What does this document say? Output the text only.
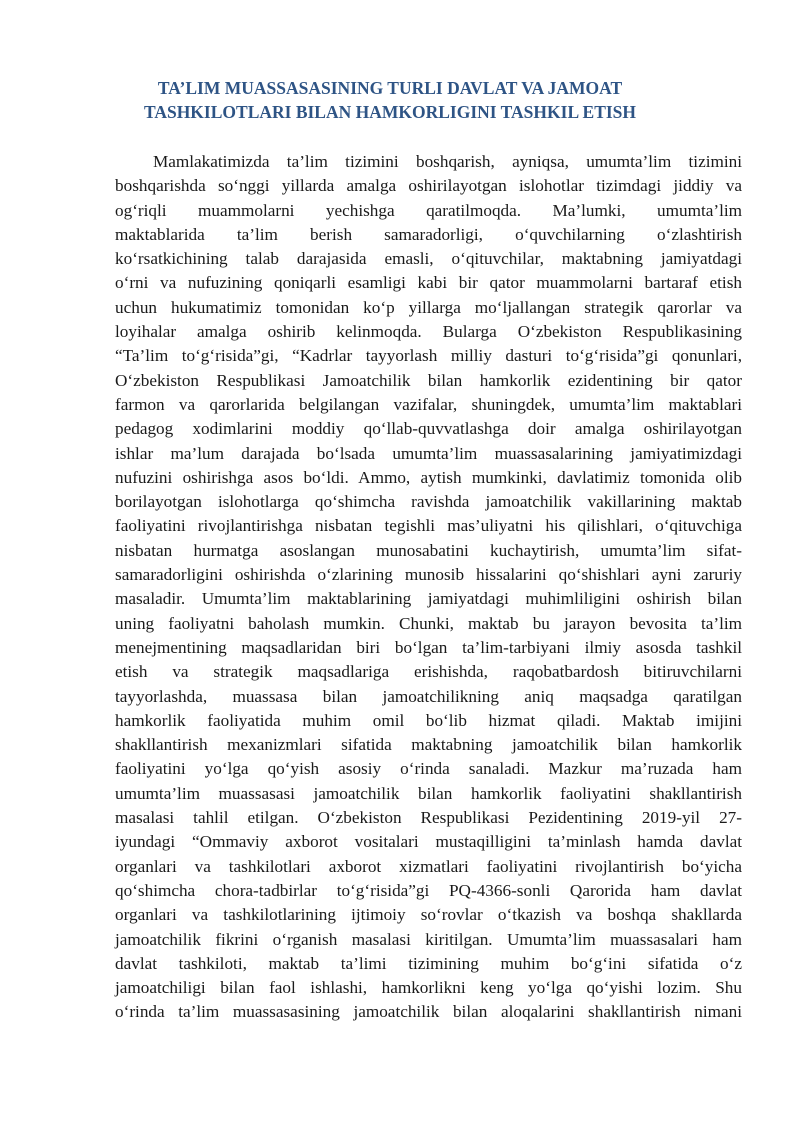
TA’LIM MUASSASASINING TURLI DAVLAT VA JAMOAT
TASHKILOTLARI BILAN HAMKORLIGINI TASHKIL ETISH
Mamlakatimizda ta’lim tizimini boshqarish, ayniqsa, umumta’lim tizimini
boshqarishda so‘nggi yillarda amalga oshirilayotgan islohotlar tizimdagi jiddiy va
og‘riqli muammolarni yechishga qaratilmoqda. Ma’lumki, umumta’lim
maktablarida ta’lim berish samaradorligi, o‘quvchilarning o‘zlashtirish
ko‘rsatkichining talab darajasida emasli, o‘qituvchilar, maktabning jamiyatdagi
o‘rni va nufuzining qoniqarli esamligi kabi bir qator muammolarni bartaraf etish
uchun hukumatimiz tomonidan ko‘p yillarga mo‘ljallangan strategik qarorlar va
loyihalar amalga oshirib kelinmoqda. Bularga O‘zbekiston Respublikasining
“Ta’lim to‘g‘risida”gi, “Kadrlar tayyorlash milliy dasturi to‘g‘risida”gi qonunlari,
O‘zbekiston Respublikasi Jamoatchilik bilan hamkorlik ezidentining bir qator
farmon va qarorlarida belgilangan vazifalar, shuningdek, umumta’lim maktablari
pedagog xodimlarini moddiy qo‘llab-quvvatlashga doir amalga oshirilayotgan
ishlar ma’lum darajada bo‘lsada umumta’lim muassasalarining jamiyatimizdagi
nufuzini oshirishga asos bo‘ldi. Ammo, aytish mumkinki, davlatimiz tomonida olib
borilayotgan islohotlarga qo‘shimcha ravishda jamoatchilik vakillarining maktab
faoliyatini rivojlantirishga nisbatan tegishli mas’uliyatni his qilishlari, o‘qituvchiga
nisbatan hurmatga asoslangan munosabatini kuchaytirish, umumta’lim sifat-
samaradorligini oshirishda o‘zlarining munosib hissalarini qo‘shishlari ayni zaruriy
masaladir. Umumta’lim maktablarining jamiyatdagi muhimliligini oshirish bilan
uning faoliyatni baholash mumkin. Chunki, maktab bu jarayon bevosita ta’lim
menejmentining maqsadlaridan biri bo‘lgan ta’lim-tarbiyani ilmiy asosda tashkil
etish va strategik maqsadlariga erishishda, raqobatbardosh bitiruvchilarni
tayyorlashda, muassasa bilan jamoatchilikning aniq maqsadga qaratilgan
hamkorlik faoliyatida muhim omil bo‘lib hizmat qiladi. Maktab imijini
shakllantirish mexanizmlari sifatida maktabning jamoatchilik bilan hamkorlik
faoliyatini yo‘lga qo‘yish asosiy o‘rinda sanaladi. Mazkur ma’ruzada ham
umumta’lim muassasasi jamoatchilik bilan hamkorlik faoliyatini shakllantirish
masalasi tahlil etilgan. O‘zbekiston Respublikasi Pezidentining 2019-yil 27-
iyundagi “Ommaviy axborot vositalari mustaqilligini ta’minlash hamda davlat
organlari va tashkilotlari axborot xizmatlari faoliyatini rivojlantirish bo‘yicha
qo‘shimcha chora-tadbirlar to‘g‘risida”gi PQ-4366-sonli Qarorida ham davlat
organlari va tashkilotlarining ijtimoiy so‘rovlar o‘tkazish va boshqa shakllarda
jamoatchilik fikrini o‘rganish masalasi kiritilgan. Umumta’lim muassasalari ham
davlat tashkiloti, maktab ta’limi tizimining muhim bo‘g‘ini sifatida o‘z
jamoatchiligi bilan faol ishlashi, hamkorlikni keng yo‘lga qo‘yishi lozim. Shu
o‘rinda ta’lim muassasasining jamoatchilik bilan aloqalarini shakllantirish nimani
